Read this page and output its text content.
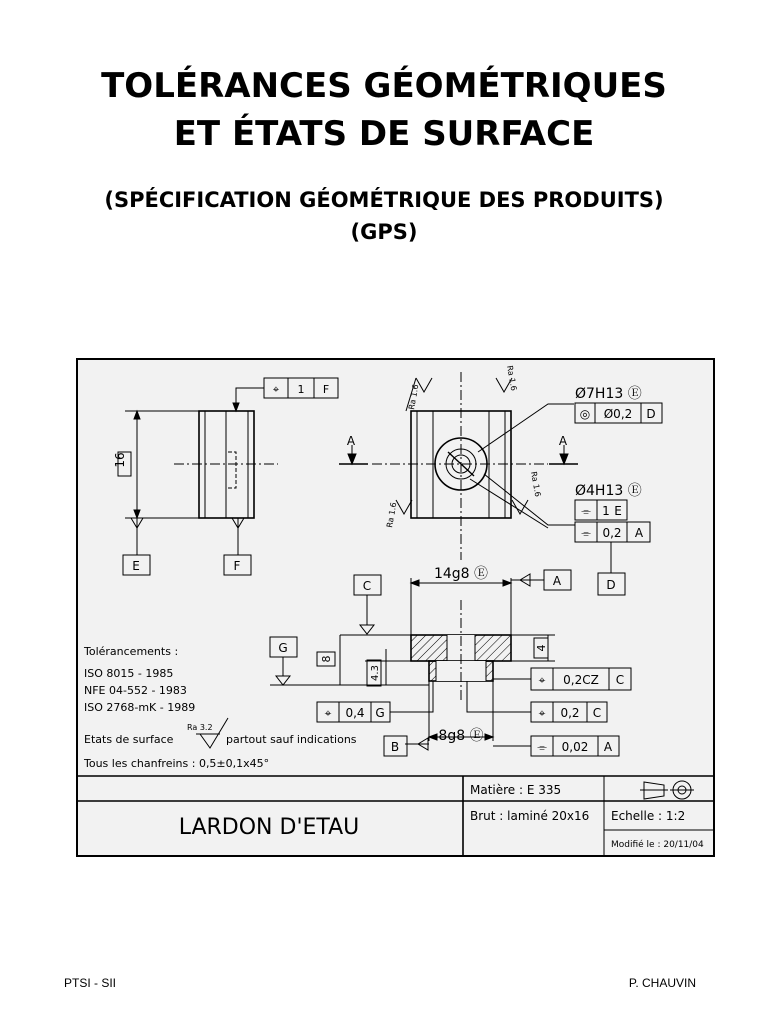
TOLÉRANCES GÉOMÉTRIQUES
ET ÉTATS DE SURFACE
(SPÉCIFICATION GÉOMÉTRIQUE DES PRODUITS)
(GPS)
16
⌖ 1 F
E	F
A	A
Ra 1.6
Ra 1.6
Ra 1.6
Ra 1.6
Ø7H13 Ⓔ
◎ Ø0,2 D
Ø4H13 Ⓔ
⌯ 1 E
⌯ 0,2 A
D
14g8 Ⓔ	A
C
G
8
4.3
4
⌖ 0,2CZ C
⌖ 0,4 G	⌖ 0,2 C
8g8 Ⓔ
B	⌯ 0,02 A
Tolérancements :
ISO 8015 - 1985
NFE 04-552 - 1983
ISO 2768-mK - 1989
Etats de surface
Ra 3.2
partout sauf indications
Tous les chanfreins : 0,5±0,1x45°
LARDON D'ETAU
Matière : E 335
Brut : laminé 20x16 Echelle : 1:2
Modifié le : 20/11/04
PTSI - SII	P. CHAUVIN
